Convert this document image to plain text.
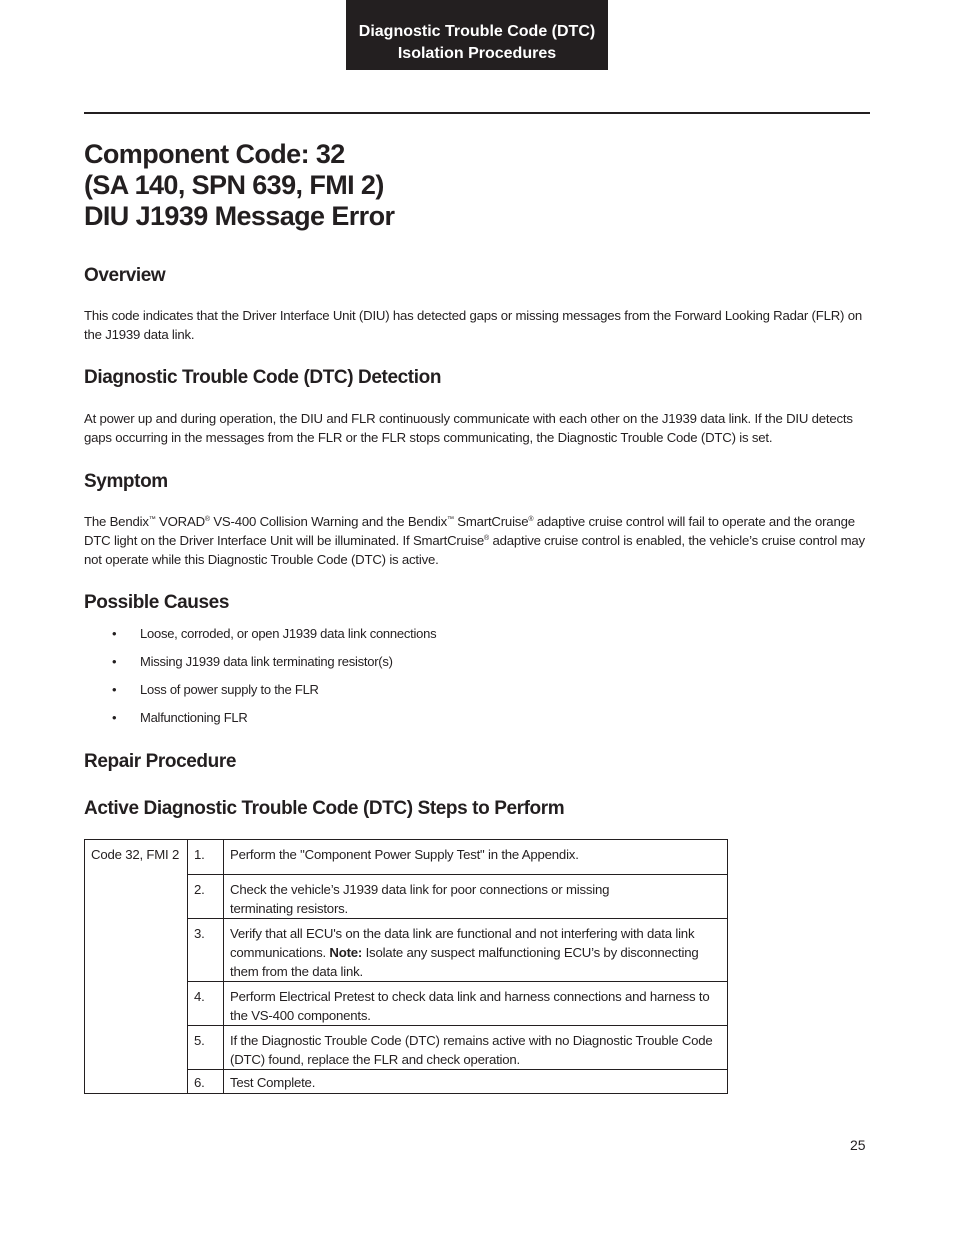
Diagnostic Trouble Code (DTC)
Isolation Procedures
Component Code: 32
(SA 140, SPN 639, FMI 2)
DIU J1939 Message Error
Overview

This code indicates that the Driver Interface Unit (DIU) has detected gaps or missing messages from the Forward Looking Radar (FLR) on the J1939 data link.

Diagnostic Trouble Code (DTC) Detection

At power up and during operation, the DIU and FLR continuously communicate with each other on the J1939 data link. If the DIU detects gaps occurring in the messages from the FLR or the FLR stops communicating, the Diagnostic Trouble Code (DTC) is set.

Symptom

The Bendix™ VORAD® VS-400 Collision Warning and the Bendix™ SmartCruise® adaptive cruise control will fail to operate and the orange DTC light on the Driver Interface Unit will be illuminated. If SmartCruise® adaptive cruise control is enabled, the vehicle’s cruise control may not operate while this Diagnostic Trouble Code (DTC) is active.

Possible Causes
• Loose, corroded, or open J1939 data link connections
• Missing J1939 data link terminating resistor(s)
• Loss of power supply to the FLR
• Malfunctioning FLR
Repair Procedure
Active Diagnostic Trouble Code (DTC) Steps to Perform
Code 32, FMI 2	1.	Perform the "Component Power Supply Test" in the Appendix.
	2.	Check the vehicle’s J1939 data link for poor connections or missing
terminating resistors.
	3.	Verify that all ECU's on the data link are functional and not interfering with data link communications. Note: Isolate any suspect malfunctioning ECU’s by disconnecting them from the data link.
	4.	Perform Electrical Pretest to check data link and harness connections and harness to the VS-400 components.
	5.	If the Diagnostic Trouble Code (DTC) remains active with no Diagnostic Trouble Code (DTC) found, replace the FLR and check operation.
	6.	Test Complete.
25
